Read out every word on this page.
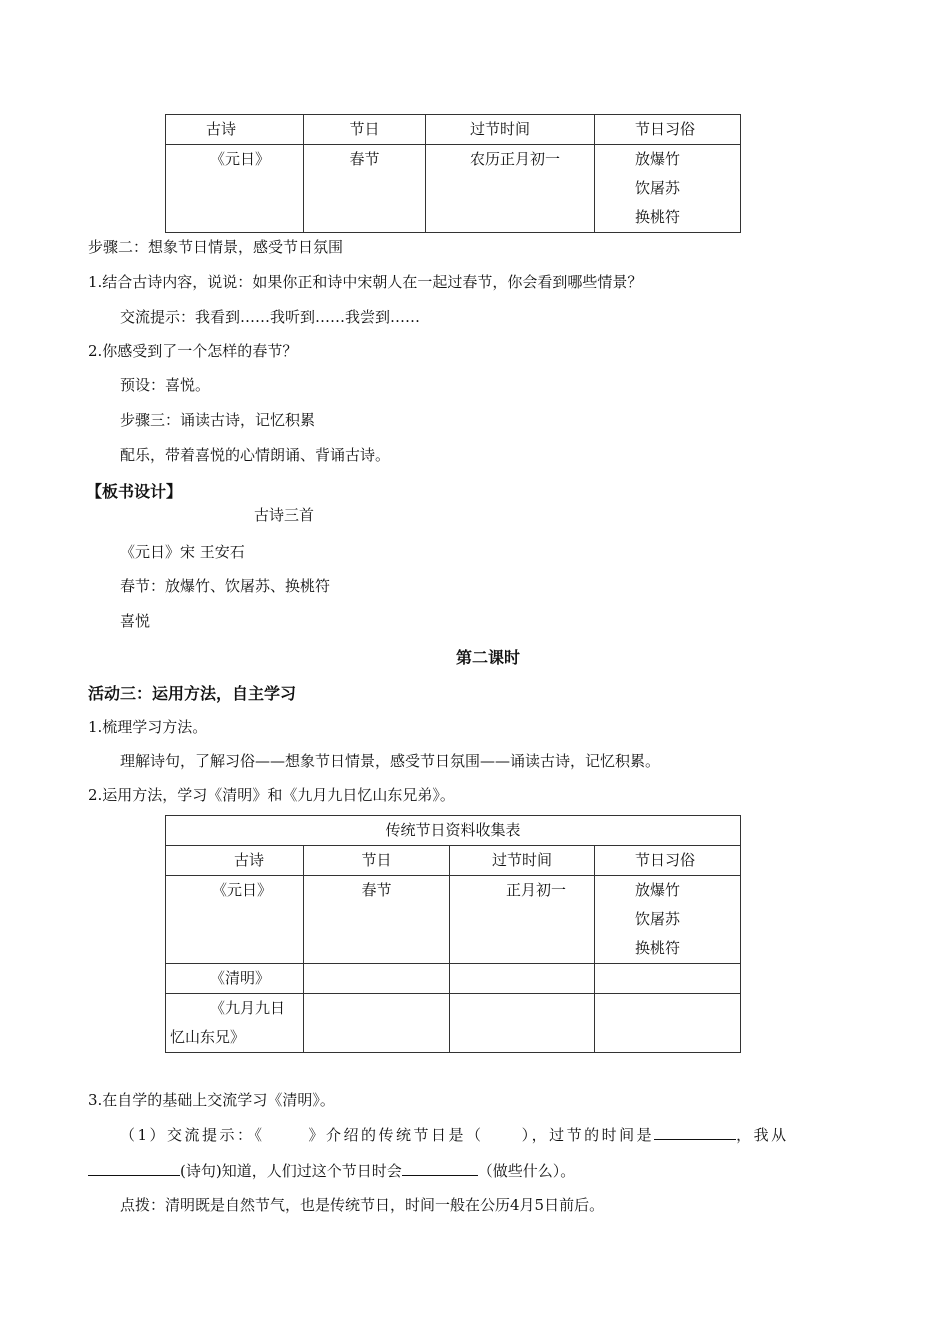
古诗	节日	过节时间	节日习俗
《元日》	春节	农历正月初一	放爆竹
饮屠苏
换桃符
步骤二：想象节日情景，感受节日氛围
1.结合古诗内容，说说：如果你正和诗中宋朝人在一起过春节，你会看到哪些情景？
交流提示：我看到……我听到……我尝到……
2.你感受到了一个怎样的春节？
预设：喜悦。
步骤三：诵读古诗，记忆积累
配乐，带着喜悦的心情朗诵、背诵古诗。
【板书设计】
古诗三首
《元日》宋 王安石
春节：放爆竹、饮屠苏、换桃符
喜悦
第二课时
活动三：运用方法，自主学习
1.梳理学习方法。
理解诗句，了解习俗——想象节日情景，感受节日氛围——诵读古诗，记忆积累。
2.运用方法，学习《清明》和《九月九日忆山东兄弟》。
传统节日资料收集表			
古诗	节日	过节时间	节日习俗
《元日》	春节	正月初一	放爆竹
饮屠苏
换桃符

《清明》			

《九月九日
忆山东兄》			

3.在自学的基础上交流学习《清明》。
（1）交流提示：《	》介绍的传统节日是（	），过节的时间是	，我从
(诗句)知道，人们过这个节日时会	（做些什么）。
点拨：清明既是自然节气，也是传统节日，时间一般在公历4月5日前后。
